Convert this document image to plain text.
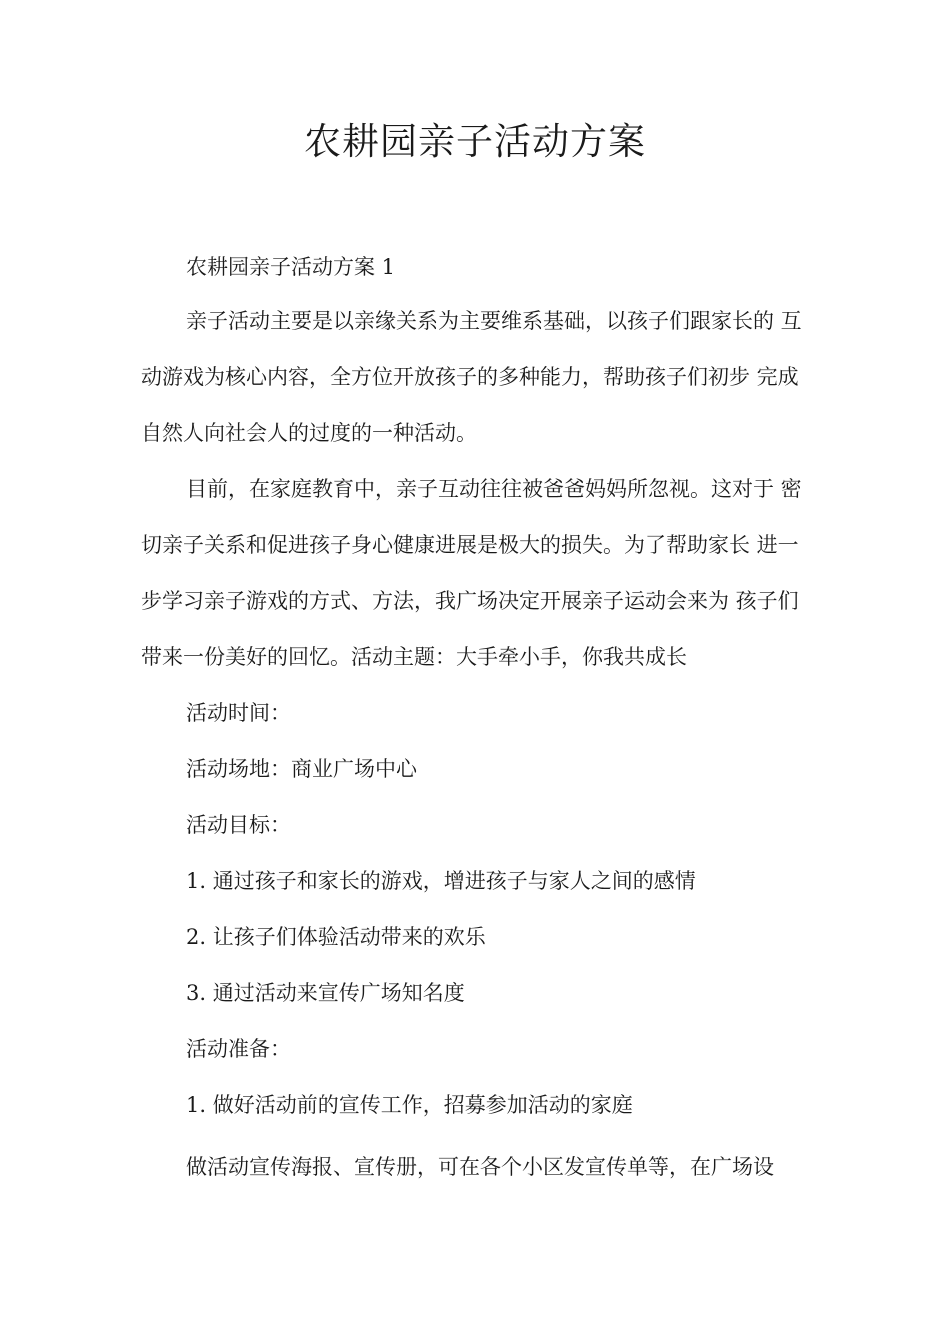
农耕园亲子活动方案

农耕园亲子活动方案 1

亲子活动主要是以亲缘关系为主要维系基础，以孩子们跟家长的 互

动游戏为核心内容，全方位开放孩子的多种能力，帮助孩子们初步 完成

自然人向社会人的过度的一种活动。

目前，在家庭教育中，亲子互动往往被爸爸妈妈所忽视。这对于 密

切亲子关系和促进孩子身心健康进展是极大的损失。为了帮助家长 进一

步学习亲子游戏的方式、方法，我广场决定开展亲子运动会来为 孩子们

带来一份美好的回忆。活动主题：大手牵小手，你我共成长

活动时间：

活动场地：商业广场中心

活动目标：

1. 通过孩子和家长的游戏，增进孩子与家人之间的感情

2. 让孩子们体验活动带来的欢乐

3. 通过活动来宣传广场知名度

活动准备：

1. 做好活动前的宣传工作，招募参加活动的家庭

做活动宣传海报、宣传册，可在各个小区发宣传单等，在广场设
